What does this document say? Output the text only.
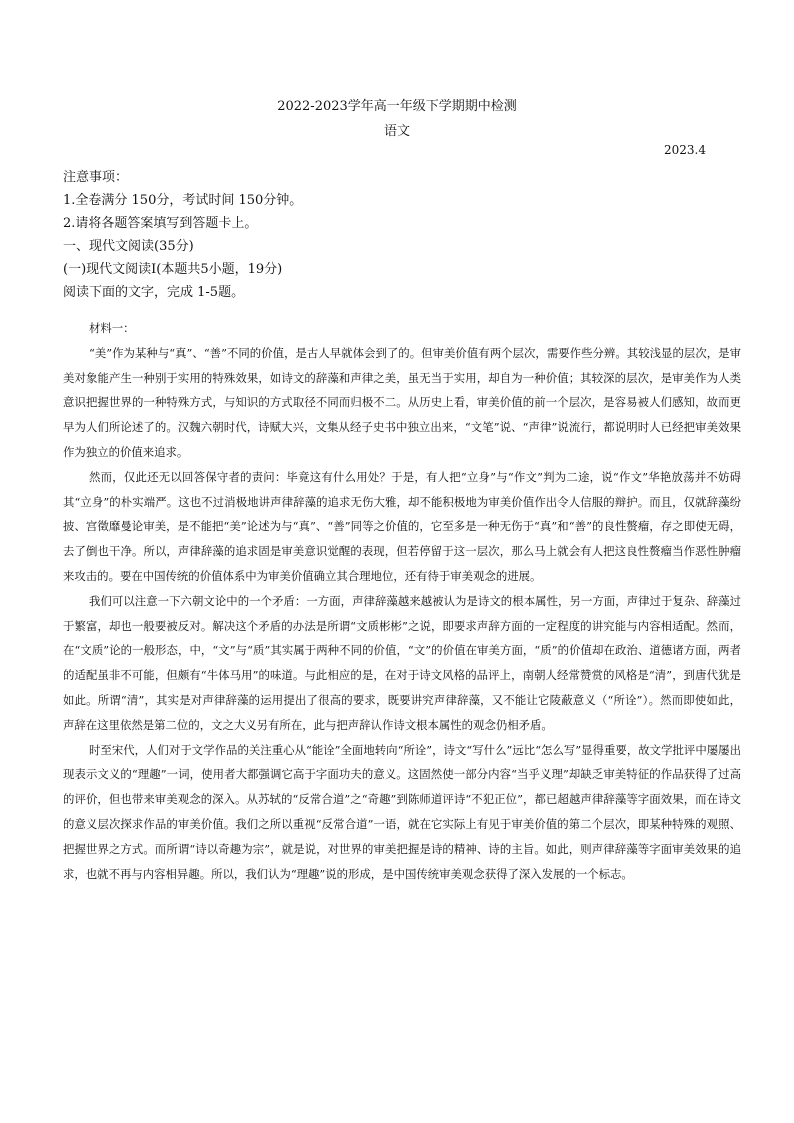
2022-2023学年高一年级下学期期中检测
语文
2023.4
注意事项：
1.全卷满分 150分，考试时间 150分钟。
2.请将各题答案填写到答题卡上。
一、现代文阅读(35分)
(一)现代文阅读Ⅰ(本题共5小题，19分)
阅读下面的文字，完成 1-5题。
材料一：

“美”作为某种与“真”、“善”不同的价值，是古人早就体会到了的。但审美价值有两个层次，需要作些分辨。其较浅显的层次，是审美对象能产生一种别于实用的特殊效果，如诗文的辞藻和声律之美，虽无当于实用，却自为一种价值；其较深的层次，是审美作为人类意识把握世界的一种特殊方式，与知识的方式取径不同而归极不二。从历史上看，审美价值的前一个层次，是容易被人们感知，故而更早为人们所论述了的。汉魏六朝时代，诗赋大兴，文集从经子史书中独立出来，“文笔”说、“声律”说流行，都说明时人已经把审美效果作为独立的价值来追求。

然而，仅此还无以回答保守者的责问：毕竟这有什么用处？于是，有人把“立身”与“作文”判为二途，说“作文”华艳放荡并不妨碍其“立身”的朴实端严。这也不过消极地讲声律辞藻的追求无伤大雅，却不能积极地为审美价值作出令人信服的辩护。而且，仅就辞藻纷披、宫徵靡曼论审美，是不能把“美”论述为与“真”、“善”同等之价值的，它至多是一种无伤于“真”和“善”的良性赘瘤，存之即使无碍，去了倒也干净。所以，声律辞藻的追求固是审美意识觉醒的表现，但若停留于这一层次，那么马上就会有人把这良性赘瘤当作恶性肿瘤来攻击的。要在中国传统的价值体系中为审美价值确立其合理地位，还有待于审美观念的进展。

我们可以注意一下六朝文论中的一个矛盾：一方面，声律辞藻越来越被认为是诗文的根本属性，另一方面，声律过于复杂、辞藻过于繁富，却也一般要被反对。解决这个矛盾的办法是所谓“文质彬彬”之说，即要求声辞方面的一定程度的讲究能与内容相适配。然而，在“文质”论的一般形态，中，“文”与“质”其实属于两种不同的价值，“文”的价值在审美方面，“质”的价值却在政治、道德诸方面，两者的适配虽非不可能，但颇有“牛体马用”的味道。与此相应的是，在对于诗文风格的品评上，南朝人经常赞赏的风格是“清”，到唐代犹是如此。所谓“清”，其实是对声律辞藻的运用提出了很高的要求，既要讲究声律辞藻，又不能让它陵蔽意义（“所诠”）。然而即使如此，声辞在这里依然是第二位的，文之大义另有所在，此与把声辞认作诗文根本属性的观念仍相矛盾。

时至宋代，人们对于文学作品的关注重心从“能诠”全面地转向“所诠”，诗文“写什么”远比“怎么写”显得重要，故文学批评中屡屡出现表示文义的“理趣”一词，使用者大都强调它高于字面功夫的意义。这固然使一部分内容“当乎义理”却缺乏审美特征的作品获得了过高的评价，但也带来审美观念的深入。从苏轼的“反常合道”之“奇趣”到陈师道评诗“不犯正位”，都已超越声律辞藻等字面效果，而在诗文的意义层次探求作品的审美价值。我们之所以重视“反常合道”一语，就在它实际上有见于审美价值的第二个层次，即某种特殊的观照、把握世界之方式。而所谓“诗以奇趣为宗”，就是说，对世界的审美把握是诗的精神、诗的主旨。如此，则声律辞藻等字面审美效果的追求，也就不再与内容相异趣。所以，我们认为“理趣”说的形成，是中国传统审美观念获得了深入发展的一个标志。
